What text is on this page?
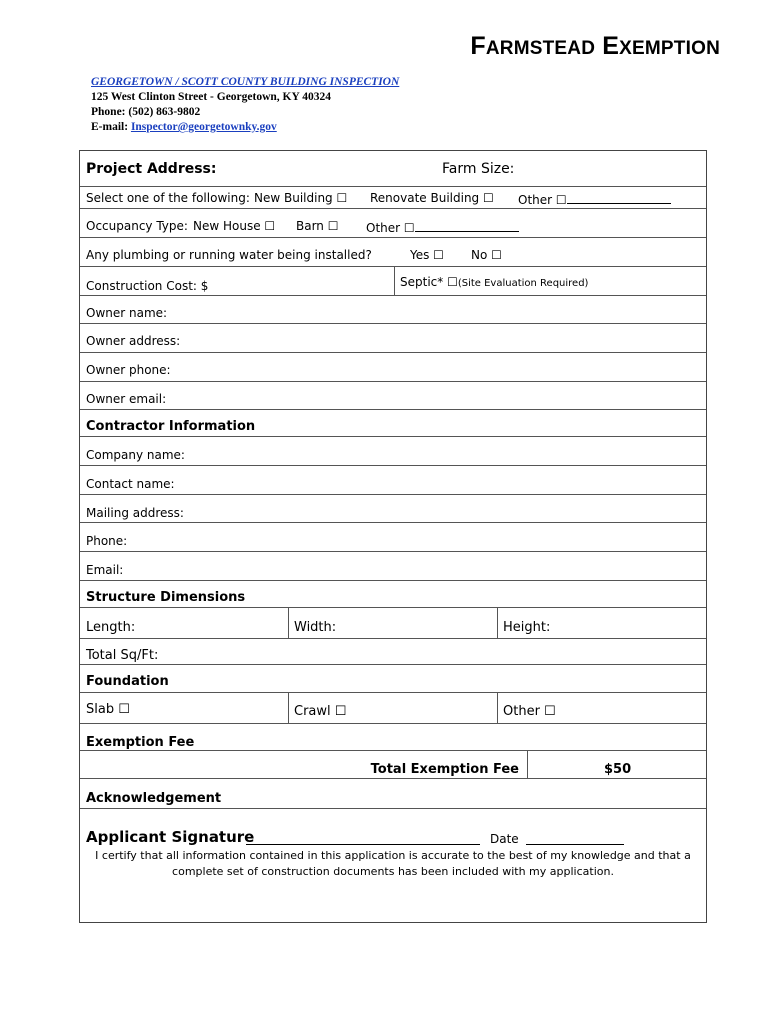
FARMSTEAD EXEMPTION
GEORGETOWN / SCOTT COUNTY BUILDING INSPECTION
125 West Clinton Street - Georgetown, KY 40324
Phone: (502) 863-9802
E-mail: Inspector@georgetownky.gov
Project Address:	Farm Size:
Select one of the following: New Building ☐ Renovate Building ☐ Other ☐
Occupancy Type: New House ☐ Barn ☐ Other ☐
Any plumbing or running water being installed?	Yes ☐ No ☐
Construction Cost: $	Septic* ☐(Site Evaluation Required)
Owner name:
Owner address:
Owner phone:
Owner email:
Contractor Information
Company name:
Contact name:
Mailing address:
Phone:
Email:
Structure Dimensions
Length:	Width:	Height:
Total Sq/Ft:
Foundation
Slab ☐	Crawl ☐	Other ☐
Exemption Fee
Total Exemption Fee	$50
Acknowledgement
Applicant Signature	Date
I certify that all information contained in this application is accurate to the best of my knowledge and that a
complete set of construction documents has been included with my application.
